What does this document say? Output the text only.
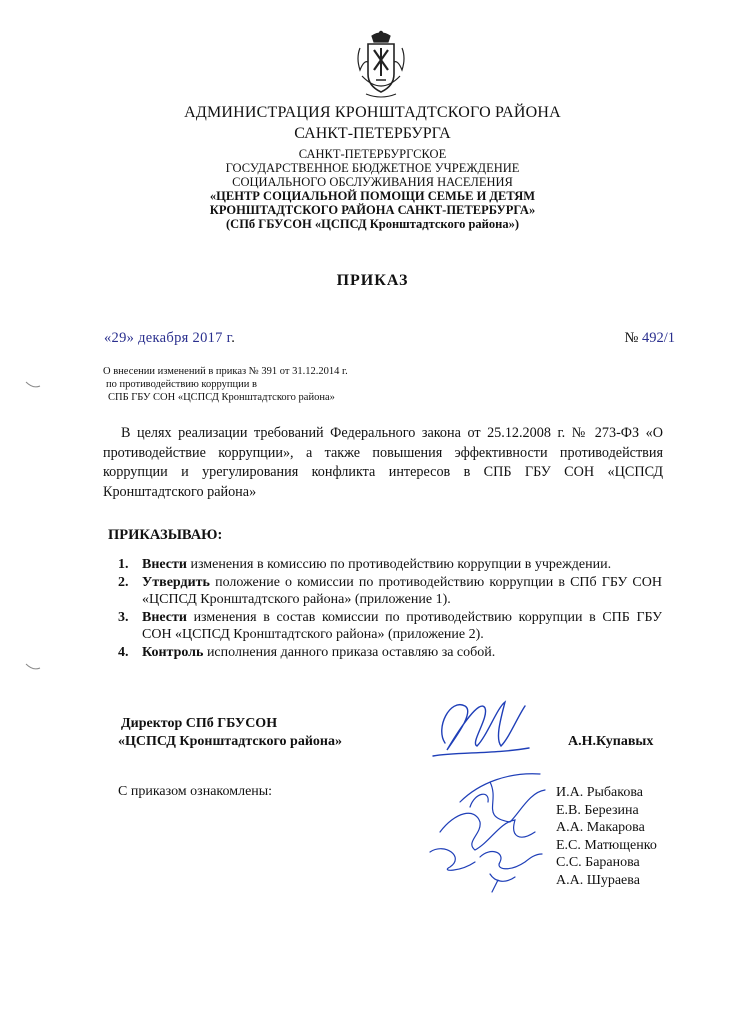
АДМИНИСТРАЦИЯ КРОНШТАДТСКОГО РАЙОНА
САНКТ-ПЕТЕРБУРГА
САНКТ-ПЕТЕРБУРГСКОЕ
ГОСУДАРСТВЕННОЕ БЮДЖЕТНОЕ УЧРЕЖДЕНИЕ
СОЦИАЛЬНОГО ОБСЛУЖИВАНИЯ НАСЕЛЕНИЯ
«ЦЕНТР СОЦИАЛЬНОЙ ПОМОЩИ СЕМЬЕ И ДЕТЯМ
КРОНШТАДТСКОГО РАЙОНА САНКТ-ПЕТЕРБУРГА»
(СПб ГБУСОН «ЦСПСД Кронштадтского района»)
ПРИКАЗ
«29» декабря 2017 г.	№ 492/1
О внесении изменений в приказ № 391 от 31.12.2014 г.
по противодействию коррупции в
СПБ ГБУ СОН «ЦСПСД Кронштадтского района»
В целях реализации требований Федерального закона от 25.12.2008 г. № 273-ФЗ «О противодействие коррупции», а также повышения эффективности противодействия коррупции и урегулирования конфликта интересов в СПБ ГБУ СОН «ЦСПСД Кронштадтского района»
ПРИКАЗЫВАЮ:
1. Внести изменения в комиссию по противодействию коррупции в учреждении.
2. Утвердить положение о комиссии по противодействию коррупции в СПб ГБУ СОН «ЦСПСД Кронштадтского района» (приложение 1).
3. Внести изменения в состав комиссии по противодействию коррупции в СПБ ГБУ СОН «ЦСПСД Кронштадтского района» (приложение 2).
4. Контроль исполнения данного приказа оставляю за собой.
Директор СПб ГБУСОН
«ЦСПСД Кронштадтского района»	А.Н.Купавых
С приказом ознакомлены:	И.А. Рыбакова
Е.В. Березина
А.А. Макарова
Е.С. Матющенко
С.С. Баранова
А.А. Шураева
